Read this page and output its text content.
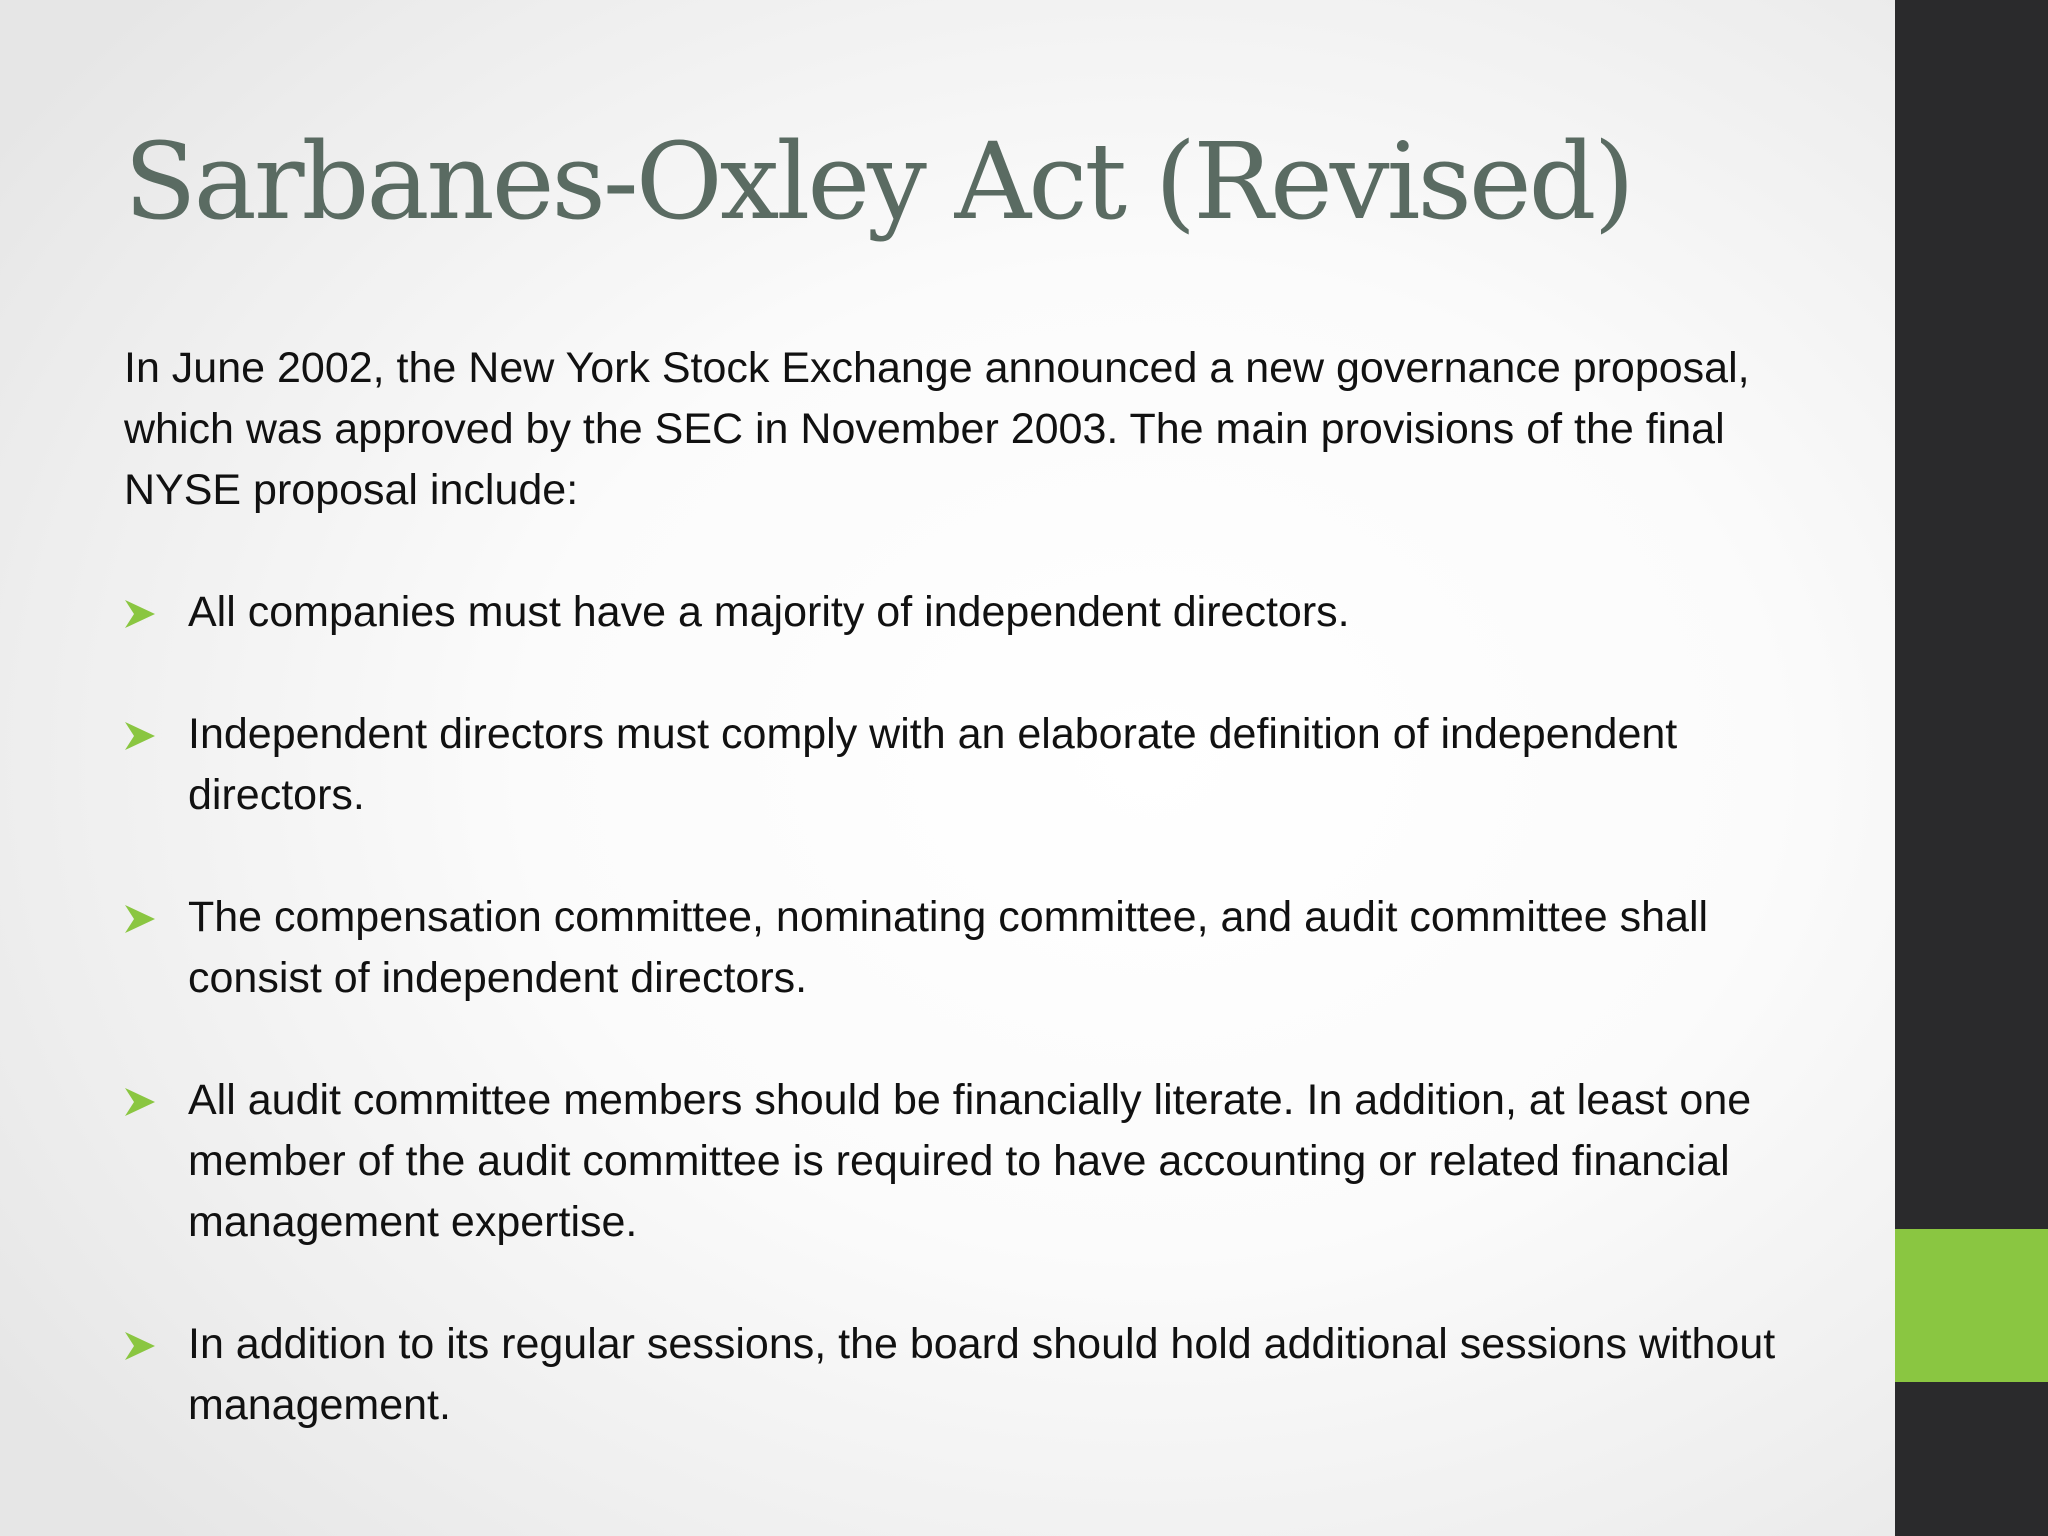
Sarbanes-Oxley Act (Revised)

In June 2002, the New York Stock Exchange announced a new governance proposal, which was approved by the SEC in November 2003. The main provisions of the final NYSE proposal include:

All companies must have a majority of independent directors.
Independent directors must comply with an elaborate definition of independent directors.
The compensation committee, nominating committee, and audit committee shall consist of independent directors.
All audit committee members should be financially literate. In addition, at least one member of the audit committee is required to have accounting or related financial management expertise.
In addition to its regular sessions, the board should hold additional sessions without management.
